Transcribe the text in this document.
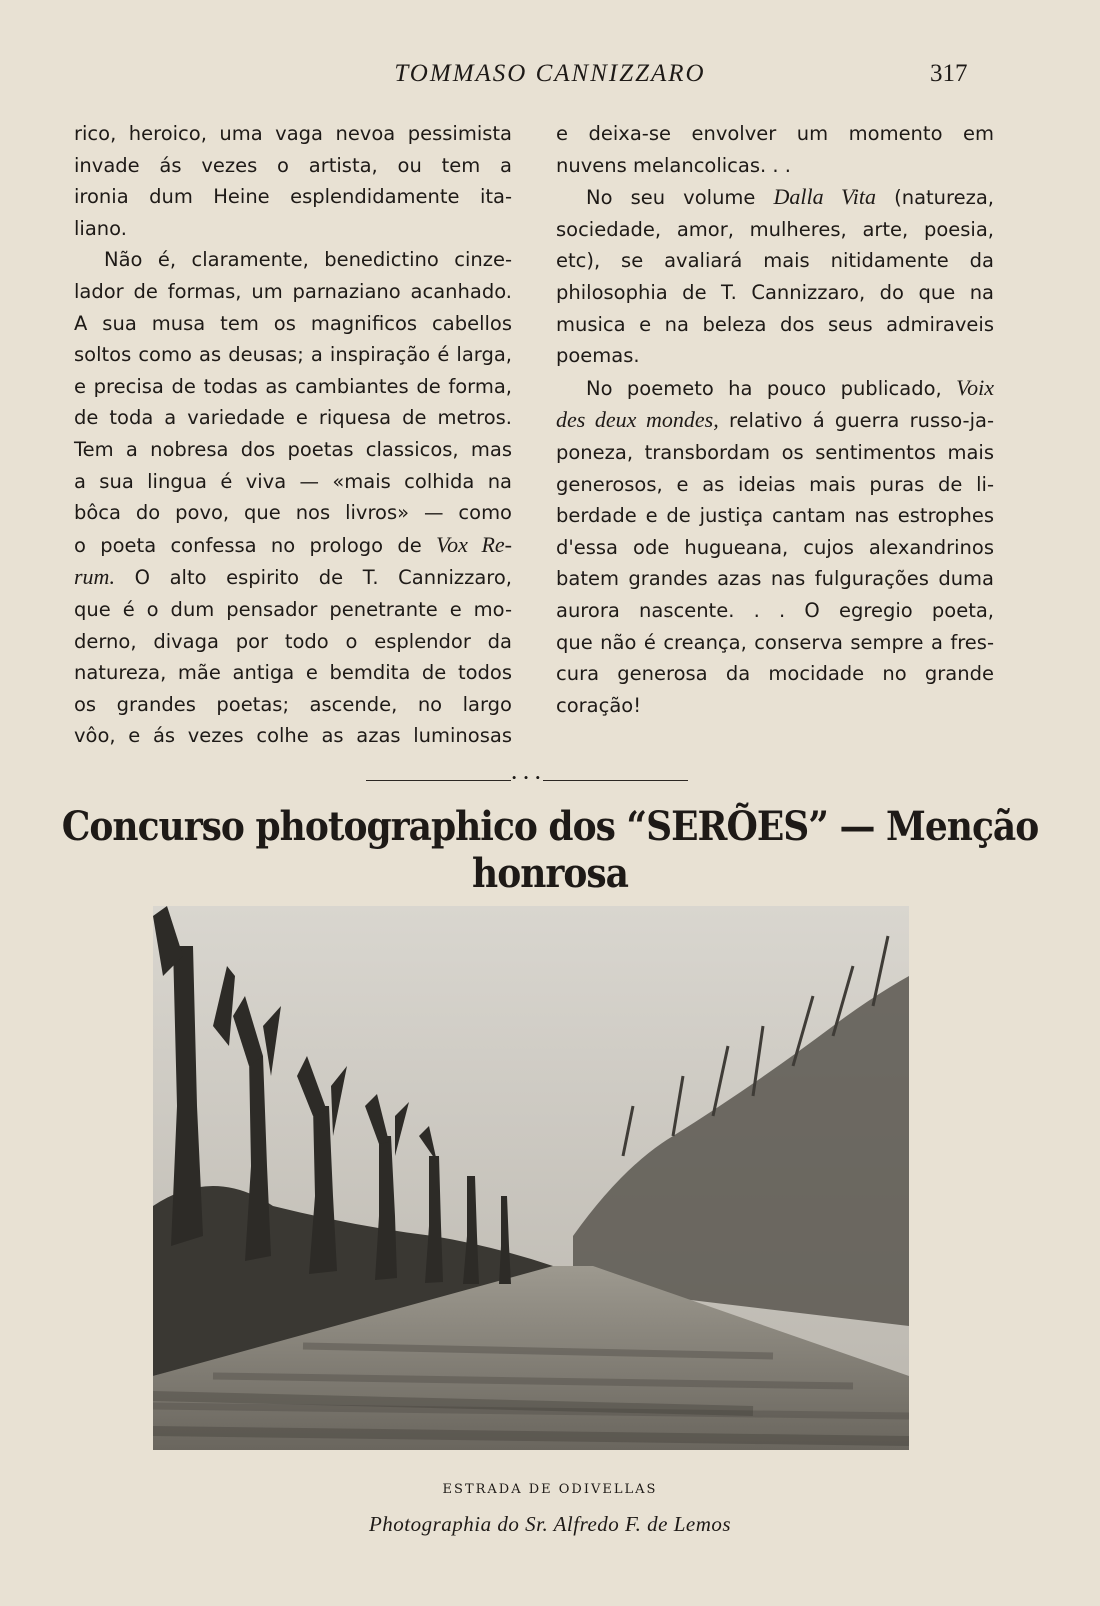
TOMMASO CANNIZZARO	317
rico, heroico, uma vaga nevoa pessimista
invade ás vezes o artista, ou tem a
ironia dum Heine esplendidamente ita-
liano.
Não é, claramente, benedictino cinze-
lador de formas, um parnaziano acanhado.
A sua musa tem os magnificos cabellos
soltos como as deusas; a inspiração é larga,
e precisa de todas as cambiantes de forma,
de toda a variedade e riquesa de metros.
Tem a nobresa dos poetas classicos, mas
a sua lingua é viva — «mais colhida na
bôca do povo, que nos livros» — como
o poeta confessa no prologo de Vox Re-
rum. O alto espirito de T. Cannizzaro,
que é o dum pensador penetrante e mo-
derno, divaga por todo o esplendor da
natureza, mãe antiga e bemdita de todos
os grandes poetas; ascende, no largo
vôo, e ás vezes colhe as azas luminosas
e deixa-se envolver um momento em
nuvens melancolicas. . .
No seu volume Dalla Vita (natureza,
sociedade, amor, mulheres, arte, poesia,
etc), se avaliará mais nitidamente da
philosophia de T. Cannizzaro, do que na
musica e na beleza dos seus admiraveis
poemas.
No poemeto ha pouco publicado, Voix
des deux mondes, relativo á guerra russo-ja-
poneza, transbordam os sentimentos mais
generosos, e as ideias mais puras de li-
berdade e de justiça cantam nas estrophes
d'essa ode hugueana, cujos alexandrinos
batem grandes azas nas fulgurações duma
aurora nascente. . . O egregio poeta,
que não é creança, conserva sempre a fres-
cura generosa da mocidade no grande
coração!
• • •
Concurso photographico dos “SERÕES” — Menção honrosa
ESTRADA DE ODIVELLAS
Photographia do Sr. Alfredo F. de Lemos
